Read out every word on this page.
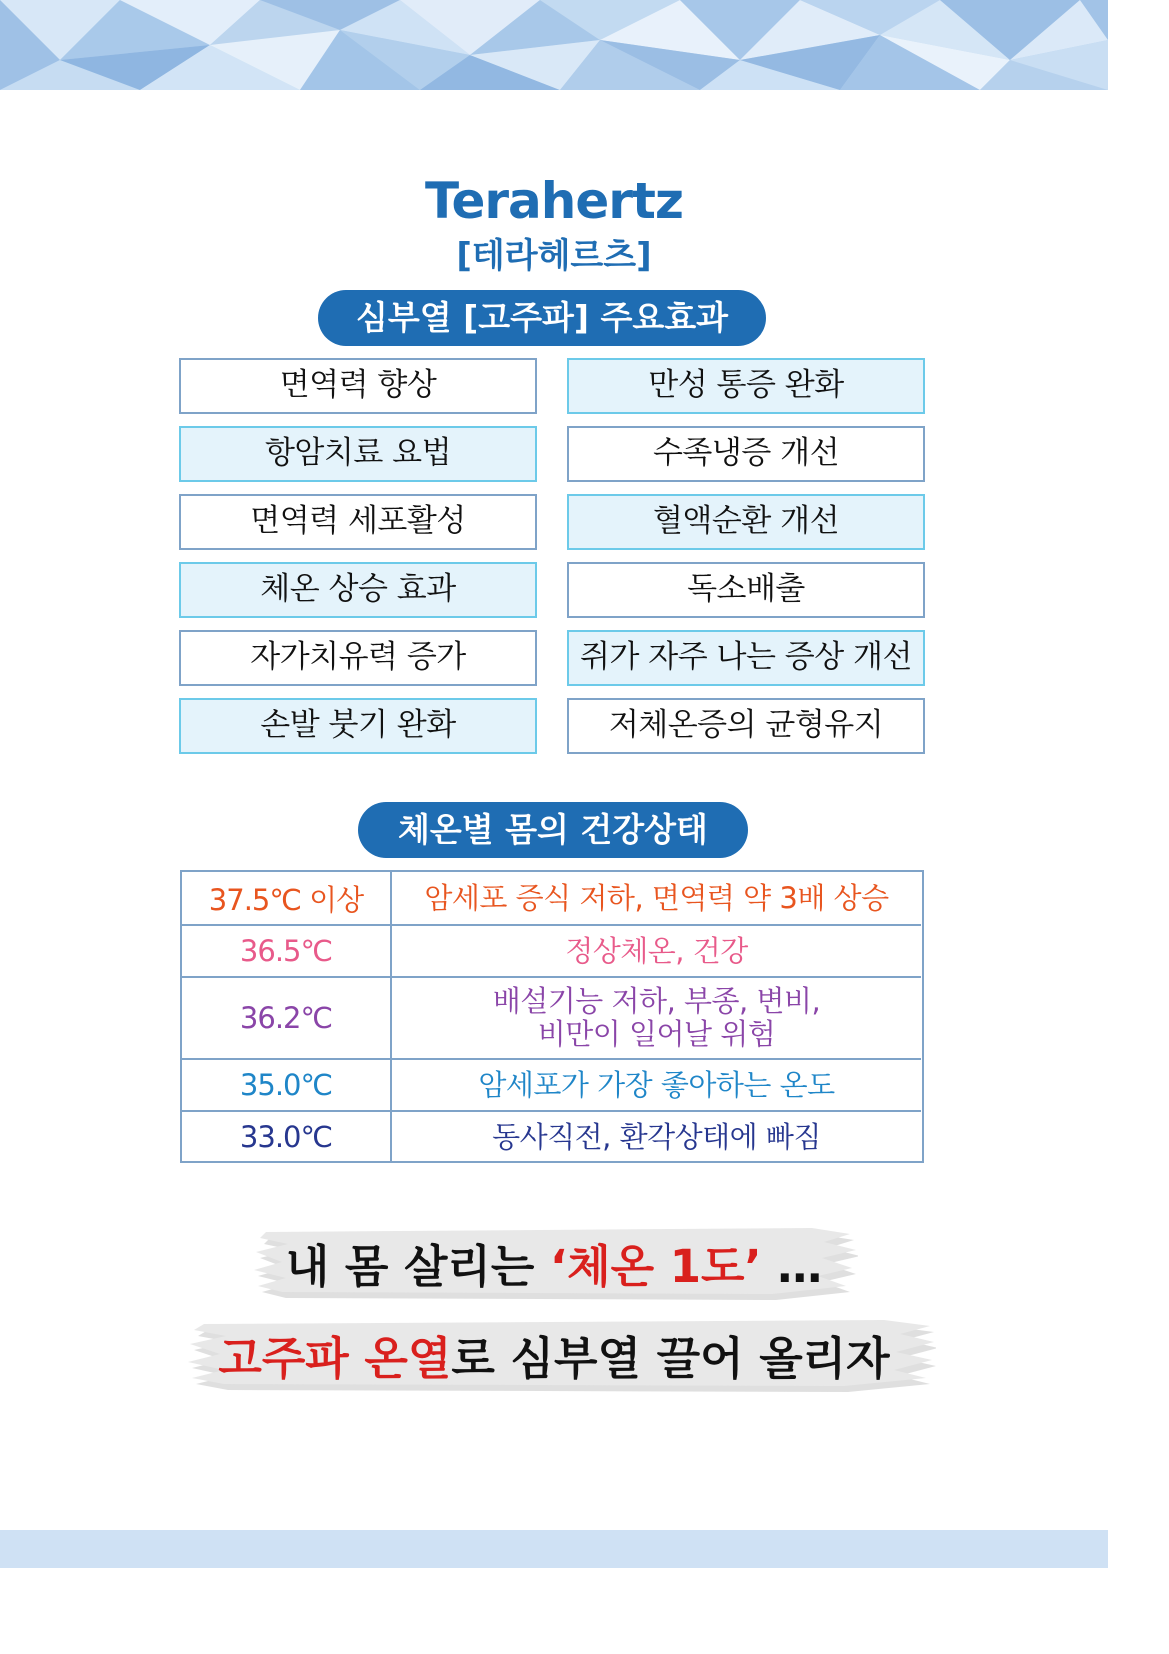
Terahertz
[테라헤르츠]
심부열 [고주파] 주요효과
면역력 향상	만성 통증 완화
항암치료 요법	수족냉증 개선
면역력 세포활성	혈액순환 개선
체온 상승 효과	독소배출
자가치유력 증가	쥐가 자주 나는 증상 개선
손발 붓기 완화	저체온증의 균형유지
체온별 몸의 건강상태
37.5℃ 이상	암세포 증식 저하, 면역력 약 3배 상승
36.5℃	정상체온, 건강
36.2℃	배설기능 저하, 부종, 변비,
비만이 일어날 위험
35.0℃	암세포가 가장 좋아하는 온도
33.0℃	동사직전, 환각상태에 빠짐
내 몸 살리는 ‘체온 1도’ …
고주파 온열로 심부열 끌어 올리자
